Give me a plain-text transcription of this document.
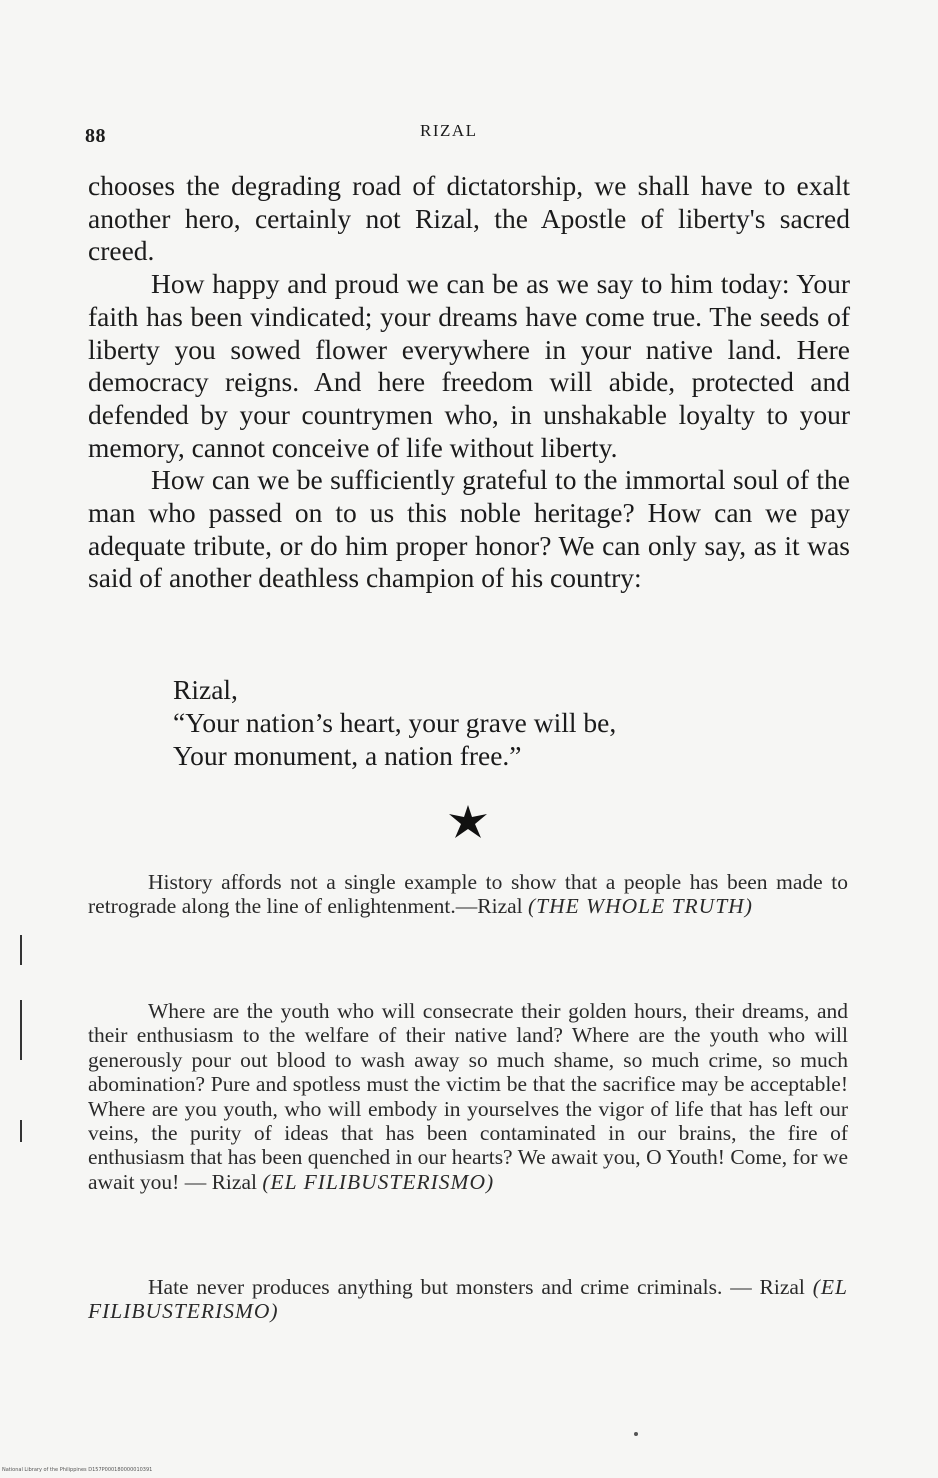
88	RIZAL

chooses the degrading road of dictatorship, we shall have to exalt another hero, certainly not Rizal, the Apostle of liberty's sacred creed.

How happy and proud we can be as we say to him today: Your faith has been vindicated; your dreams have come true. The seeds of liberty you sowed flower everywhere in your native land. Here democracy reigns. And here freedom will abide, protected and defended by your countrymen who, in unshakable loyalty to your memory, cannot conceive of life without liberty.

How can we be sufficiently grateful to the immortal soul of the man who passed on to us this noble heritage? How can we pay adequate tribute, or do him proper honor? We can only say, as it was said of another deathless champion of his country:

Rizal,
“Your nation’s heart, your grave will be,
Your monument, a nation free.”

History affords not a single example to show that a people has been made to retrograde along the line of enlightenment.—Rizal (THE WHOLE TRUTH)

Where are the youth who will consecrate their golden hours, their dreams, and their enthusiasm to the welfare of their native land? Where are the youth who will generously pour out blood to wash away so much shame, so much crime, so much abomination? Pure and spotless must the victim be that the sacrifice may be acceptable! Where are you youth, who will embody in yourselves the vigor of life that has left our veins, the purity of ideas that has been contaminated in our brains, the fire of enthusiasm that has been quenched in our hearts? We await you, O Youth! Come, for we await you! — Rizal (EL FILIBUSTERISMO)

Hate never produces anything but monsters and crime criminals. — Rizal (EL FILIBUSTERISMO)

National Library of the Philippines D157P000180000010391
